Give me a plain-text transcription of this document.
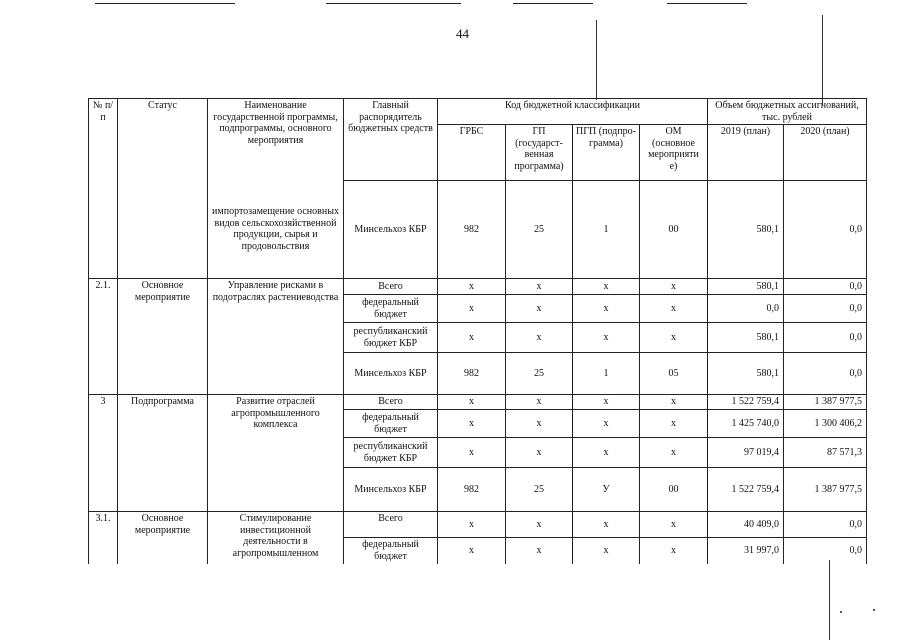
44
№ п/п	Статус	Наименование государственной программы, подпрограммы, основного мероприятия	Главный распорядитель бюджетных средств	Код бюджетной классификации				Объем бюджетных ассигнований, тыс. рублей	
				ГРБС	ГП (государст-венная программа)	ПГП (подпро-грамма)	ОМ (основное мероприяти е)	2019 (план)	2020 (план)
		импортозамещение основных видов сельскохозяйственной продукции, сырья и продовольствия	Минсельхоз КБР	982	25	1	00	580,1	0,0
2.1.	Основное мероприятие	Управление рисками в подотраслях растениеводства	Всего	х	х	х	х	580,1	0,0
			федеральный бюджет	х	х	х	х	0,0	0,0
			республиканский бюджет КБР	х	х	х	х	580,1	0,0
			Минсельхоз КБР	982	25	1	05	580,1	0,0
3	Подпрограмма	Развитие отраслей агропромышленного комплекса	Всего	х	х	х	х	1 522 759,4	1 387 977,5
			федеральный бюджет	х	х	х	х	1 425 740,0	1 300 406,2
			республиканский бюджет КБР	х	х	х	х	97 019,4	87 571,3
			Минсельхоз КБР	982	25	У	00	1 522 759,4	1 387 977,5
3.1.	Основное мероприятие	Стимулирование инвестиционной деятельности в агропромышленном	Всего	х	х	х	х	40 409,0	0,0
			федеральный бюджет	х	х	х	х	31 997,0	0,0
